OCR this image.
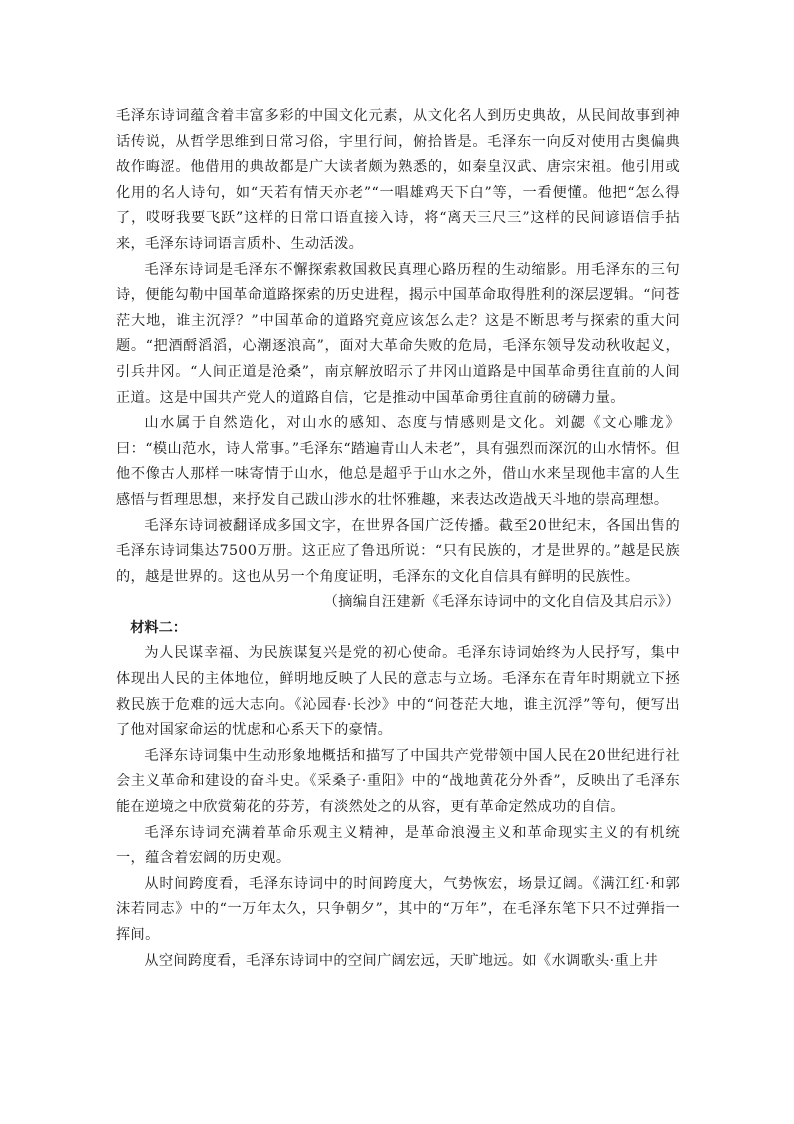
毛泽东诗词蕴含着丰富多彩的中国文化元素，从文化名人到历史典故，从民间故事到神话传说，从哲学思维到日常习俗，宇里行间，俯拾皆是。毛泽东一向反对使用古奥偏典故作晦涩。他借用的典故都是广大读者颇为熟悉的，如秦皇汉武、唐宗宋祖。他引用或化用的名人诗句，如“天若有情天亦老”“一唱雄鸡天下白”等，一看便懂。他把“怎么得了，哎呀我要飞跃”这样的日常口语直接入诗，将“离天三尺三”这样的民间谚语信手拈来，毛泽东诗词语言质朴、生动活泼。

毛泽东诗词是毛泽东不懈探索救国救民真理心路历程的生动缩影。用毛泽东的三句诗，便能勾勒中国革命道路探索的历史进程，揭示中国革命取得胜利的深层逻辑。“问苍茫大地，谁主沉浮？”中国革命的道路究竟应该怎么走？这是不断思考与探索的重大问题。“把酒酹滔滔，心潮逐浪高”，面对大革命失败的危局，毛泽东领导发动秋收起义，引兵井冈。“人间正道是沧桑”，南京解放昭示了井冈山道路是中国革命勇往直前的人间正道。这是中国共产党人的道路自信，它是推动中国革命勇往直前的磅礴力量。

山水属于自然造化，对山水的感知、态度与情感则是文化。刘勰《文心雕龙》曰：“模山范水，诗人常事。”毛泽东“踏遍青山人未老”，具有强烈而深沉的山水情怀。但他不像古人那样一味寄情于山水，他总是超乎于山水之外，借山水来呈现他丰富的人生感悟与哲理思想，来抒发自己跋山涉水的壮怀雅趣，来表达改造战天斗地的崇高理想。

毛泽东诗词被翻译成多国文字，在世界各国广泛传播。截至20世纪末，各国出售的毛泽东诗词集达7500万册。这正应了鲁迅所说：“只有民族的，才是世界的。”越是民族的，越是世界的。这也从另一个角度证明，毛泽东的文化自信具有鲜明的民族性。

（摘编自汪建新《毛泽东诗词中的文化自信及其启示》）

材料二：

为人民谋幸福、为民族谋复兴是党的初心使命。毛泽东诗词始终为人民抒写，集中体现出人民的主体地位，鲜明地反映了人民的意志与立场。毛泽东在青年时期就立下拯救民族于危难的远大志向。《沁园春·长沙》中的“问苍茫大地，谁主沉浮”等句，便写出了他对国家命运的忧虑和心系天下的豪情。

毛泽东诗词集中生动形象地概括和描写了中国共产党带领中国人民在20世纪进行社会主义革命和建设的奋斗史。《采桑子·重阳》中的“战地黄花分外香”，反映出了毛泽东能在逆境之中欣赏菊花的芬芳，有淡然处之的从容，更有革命定然成功的自信。

毛泽东诗词充满着革命乐观主义精神，是革命浪漫主义和革命现实主义的有机统一，蕴含着宏阔的历史观。

从时间跨度看，毛泽东诗词中的时间跨度大，气势恢宏，场景辽阔。《满江红·和郭沫若同志》中的“一万年太久，只争朝夕”，其中的“万年”，在毛泽东笔下只不过弹指一挥间。

从空间跨度看，毛泽东诗词中的空间广阔宏远，天旷地远。如《水调歌头·重上井
